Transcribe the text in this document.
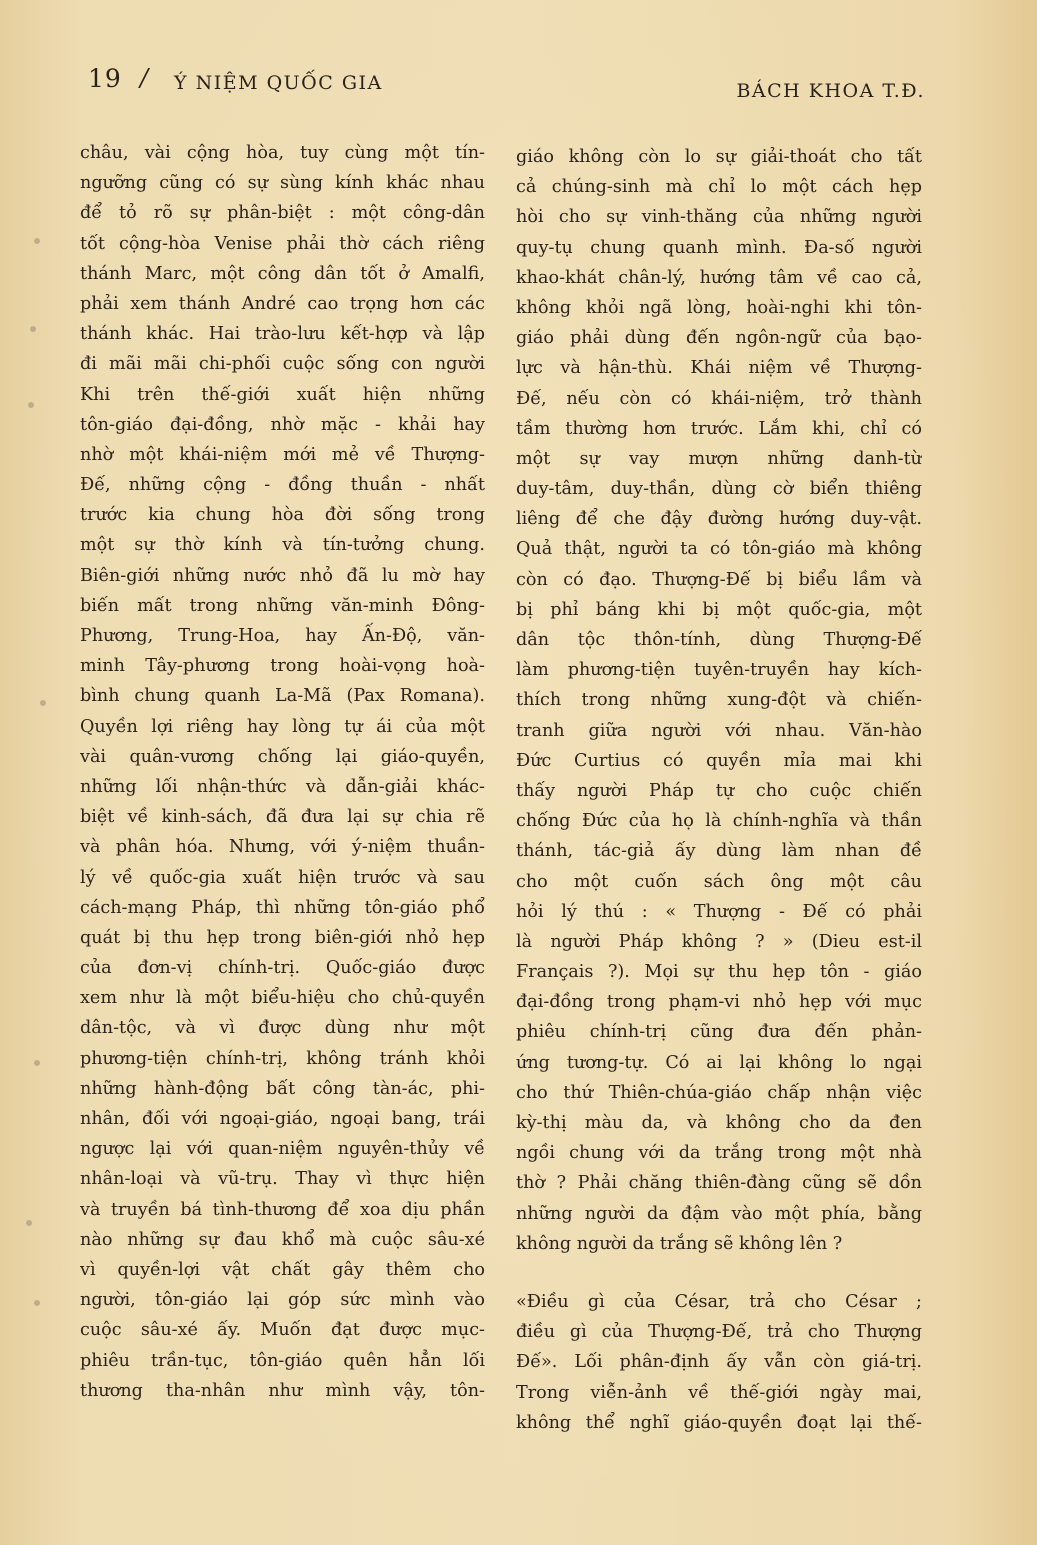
19 / Ý NIỆM QUỐC GIA	BÁCH KHOA T.Đ.
châu, vài cộng hòa, tuy cùng một tín-
ngưỡng cũng có sự sùng kính khác nhau
để tỏ rõ sự phân-biệt : một công-dân
tốt cộng-hòa Venise phải thờ cách riêng
thánh Marc, một công dân tốt ở Amalfi,
phải xem thánh André cao trọng hơn các
thánh khác. Hai trào-lưu kết-hợp và lập
đi mãi mãi chi-phối cuộc sống con người
Khi trên thế-giới xuất hiện những
tôn-giáo đại-đồng, nhờ mặc - khải hay
nhờ một khái-niệm mới mẻ về Thượng-
Đế, những cộng - đồng thuần - nhất
trước kia chung hòa đời sống trong
một sự thờ kính và tín-tưởng chung.
Biên-giới những nước nhỏ đã lu mờ hay
biến mất trong những văn-minh Đông-
Phương, Trung-Hoa, hay Ấn-Độ, văn-
minh Tây-phương trong hoài-vọng hoà-
bình chung quanh La-Mã (Pax Romana).
Quyền lợi riêng hay lòng tự ái của một
vài quân-vương chống lại giáo-quyền,
những lối nhận-thức và dẫn-giải khác-
biệt về kinh-sách, đã đưa lại sự chia rẽ
và phân hóa. Nhưng, với ý-niệm thuần-
lý về quốc-gia xuất hiện trước và sau
cách-mạng Pháp, thì những tôn-giáo phổ
quát bị thu hẹp trong biên-giới nhỏ hẹp
của đơn-vị chính-trị. Quốc-giáo được
xem như là một biểu-hiệu cho chủ-quyền
dân-tộc, và vì được dùng như một
phương-tiện chính-trị, không tránh khỏi
những hành-động bất công tàn-ác, phi-
nhân, đối với ngoại-giáo, ngoại bang, trái
ngược lại với quan-niệm nguyên-thủy về
nhân-loại và vũ-trụ. Thay vì thực hiện
và truyền bá tình-thương để xoa dịu phần
nào những sự đau khổ mà cuộc sâu-xé
vì quyền-lợi vật chất gây thêm cho
người, tôn-giáo lại góp sức mình vào
cuộc sâu-xé ấy. Muốn đạt được mục-
phiêu trần-tục, tôn-giáo quên hẳn lối
thương tha-nhân như mình vậy, tôn-
giáo không còn lo sự giải-thoát cho tất
cả chúng-sinh mà chỉ lo một cách hẹp
hòi cho sự vinh-thăng của những người
quy-tụ chung quanh mình. Đa-số người
khao-khát chân-lý, hướng tâm về cao cả,
không khỏi ngã lòng, hoài-nghi khi tôn-
giáo phải dùng đến ngôn-ngữ của bạo-
lực và hận-thù. Khái niệm về Thượng-
Đế, nếu còn có khái-niệm, trở thành
tầm thường hơn trước. Lắm khi, chỉ có
một sự vay mượn những danh-từ
duy-tâm, duy-thần, dùng cờ biển thiêng
liêng để che đậy đường hướng duy-vật.
Quả thật, người ta có tôn-giáo mà không
còn có đạo. Thượng-Đế bị biểu lầm và
bị phỉ báng khi bị một quốc-gia, một
dân tộc thôn-tính, dùng Thượng-Đế
làm phương-tiện tuyên-truyền hay kích-
thích trong những xung-đột và chiến-
tranh giữa người với nhau. Văn-hào
Đức Curtius có quyền mỉa mai khi
thấy người Pháp tự cho cuộc chiến
chống Đức của họ là chính-nghĩa và thần
thánh, tác-giả ấy dùng làm nhan đề
cho một cuốn sách ông một câu
hỏi lý thú : « Thượng - Đế có phải
là người Pháp không ? » (Dieu est-il
Français ?). Mọi sự thu hẹp tôn - giáo
đại-đồng trong phạm-vi nhỏ hẹp với mục
phiêu chính-trị cũng đưa đến phản-
ứng tương-tự. Có ai lại không lo ngại
cho thứ Thiên-chúa-giáo chấp nhận việc
kỳ-thị màu da, và không cho da đen
ngồi chung với da trắng trong một nhà
thờ ? Phải chăng thiên-đàng cũng sẽ dồn
những người da đậm vào một phía, bằng
không người da trắng sẽ không lên ?
«Điều gì của César, trả cho César ;
điều gì của Thượng-Đế, trả cho Thượng
Đế». Lối phân-định ấy vẫn còn giá-trị.
Trong viễn-ảnh về thế-giới ngày mai,
không thể nghĩ giáo-quyền đoạt lại thế-
